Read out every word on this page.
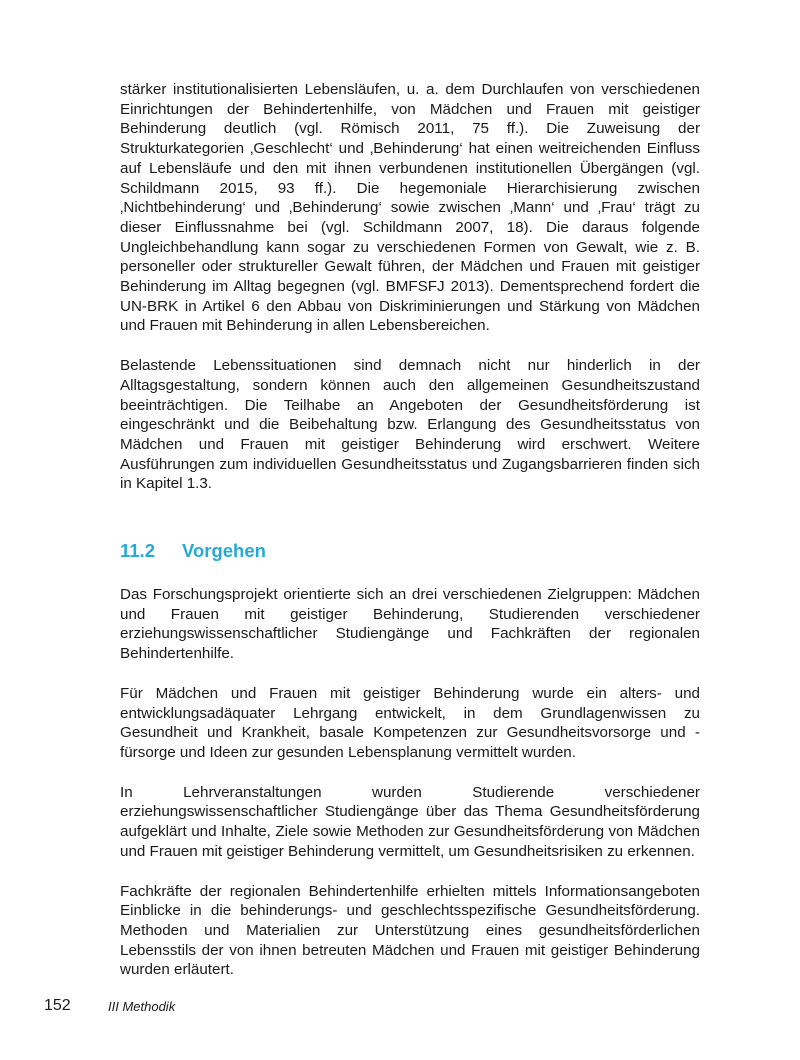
stärker institutionalisierten Lebensläufen, u. a. dem Durchlaufen von verschiedenen Einrichtungen der Behindertenhilfe, von Mädchen und Frauen mit geistiger Behinderung deutlich (vgl. Römisch 2011, 75 ff.). Die Zuweisung der Strukturkategorien ‚Geschlecht‘ und ‚Behinderung‘ hat einen weitreichenden Einfluss auf Lebensläufe und den mit ihnen verbundenen institutionellen Übergängen (vgl. Schildmann 2015, 93 ff.). Die hegemoniale Hierarchisierung zwischen ‚Nichtbehinderung‘ und ‚Behinderung‘ sowie zwischen ‚Mann‘ und ‚Frau‘ trägt zu dieser Einflussnahme bei (vgl. Schildmann 2007, 18). Die daraus folgende Ungleichbehandlung kann sogar zu verschiedenen Formen von Gewalt, wie z. B. personeller oder struktureller Gewalt führen, der Mädchen und Frauen mit geistiger Behinderung im Alltag begegnen (vgl. BMFSFJ 2013). Dementsprechend fordert die UN-BRK in Artikel 6 den Abbau von Diskriminierungen und Stärkung von Mädchen und Frauen mit Behinderung in allen Lebensbereichen.

Belastende Lebenssituationen sind demnach nicht nur hinderlich in der Alltagsgestaltung, sondern können auch den allgemeinen Gesundheitszustand beeinträchtigen. Die Teilhabe an Angeboten der Gesundheitsförderung ist eingeschränkt und die Beibehaltung bzw. Erlangung des Gesundheitsstatus von Mädchen und Frauen mit geistiger Behinderung wird erschwert. Weitere Ausführungen zum individuellen Gesundheitsstatus und Zugangsbarrieren finden sich in Kapitel 1.3.

11.2 Vorgehen

Das Forschungsprojekt orientierte sich an drei verschiedenen Zielgruppen: Mädchen und Frauen mit geistiger Behinderung, Studierenden verschiedener erziehungswissenschaftlicher Studiengänge und Fachkräften der regionalen Behindertenhilfe.

Für Mädchen und Frauen mit geistiger Behinderung wurde ein alters- und entwicklungsadäquater Lehrgang entwickelt, in dem Grundlagenwissen zu Gesundheit und Krankheit, basale Kompetenzen zur Gesundheitsvorsorge und -fürsorge und Ideen zur gesunden Lebensplanung vermittelt wurden.

In Lehrveranstaltungen wurden Studierende verschiedener erziehungswissenschaftlicher Studiengänge über das Thema Gesundheitsförderung aufgeklärt und Inhalte, Ziele sowie Methoden zur Gesundheitsförderung von Mädchen und Frauen mit geistiger Behinderung vermittelt, um Gesundheitsrisiken zu erkennen.

Fachkräfte der regionalen Behindertenhilfe erhielten mittels Informationsangeboten Einblicke in die behinderungs- und geschlechtsspezifische Gesundheitsförderung. Methoden und Materialien zur Unterstützung eines gesundheitsförderlichen Lebensstils der von ihnen betreuten Mädchen und Frauen mit geistiger Behinderung wurden erläutert.

152	III Methodik
